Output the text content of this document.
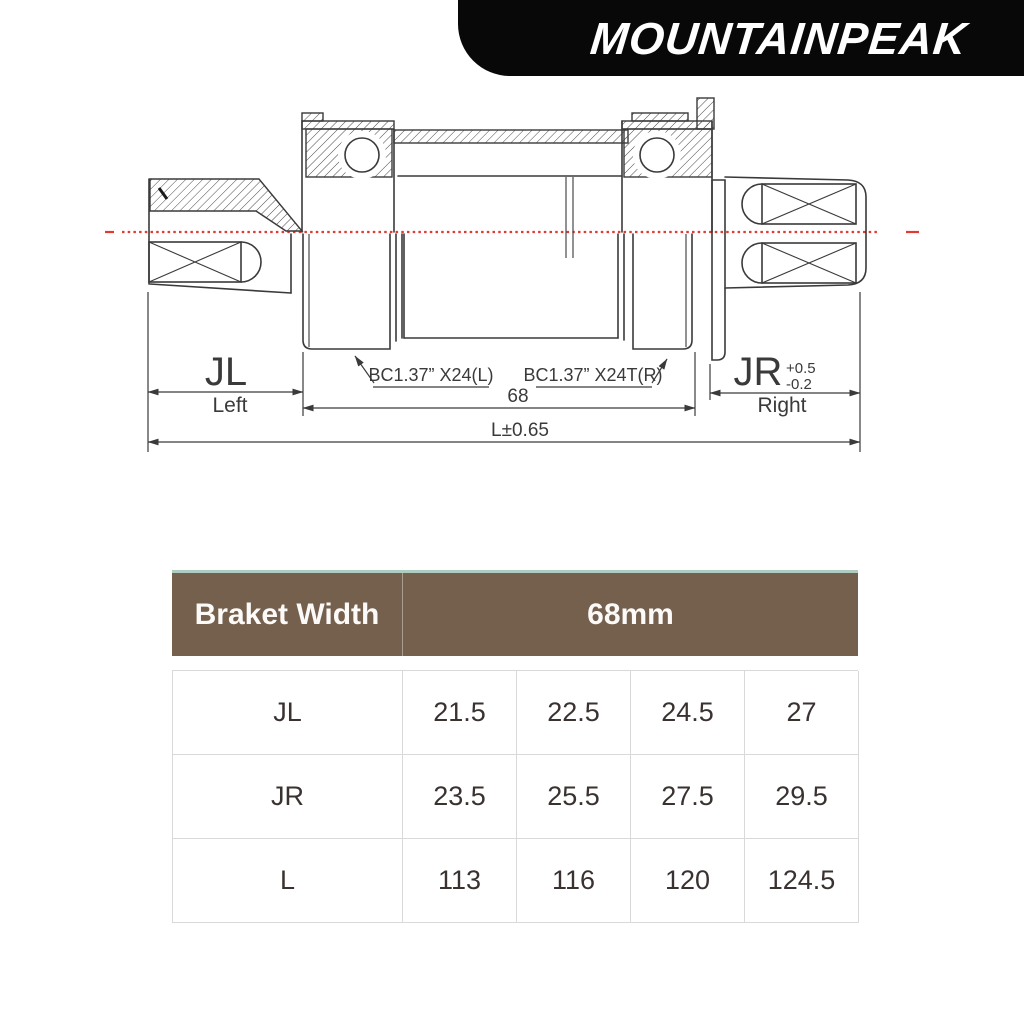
MOUNTAINPEAK
JL
Left
JR +0.5
-0.2
Right
BC1.37” X24(L) BC1.37” X24T(R)
68
L±0.65
Braket Width	68mm
JL	21.5	22.5	24.5	27
JR	23.5	25.5	27.5	29.5
L	113	116	120	124.5
